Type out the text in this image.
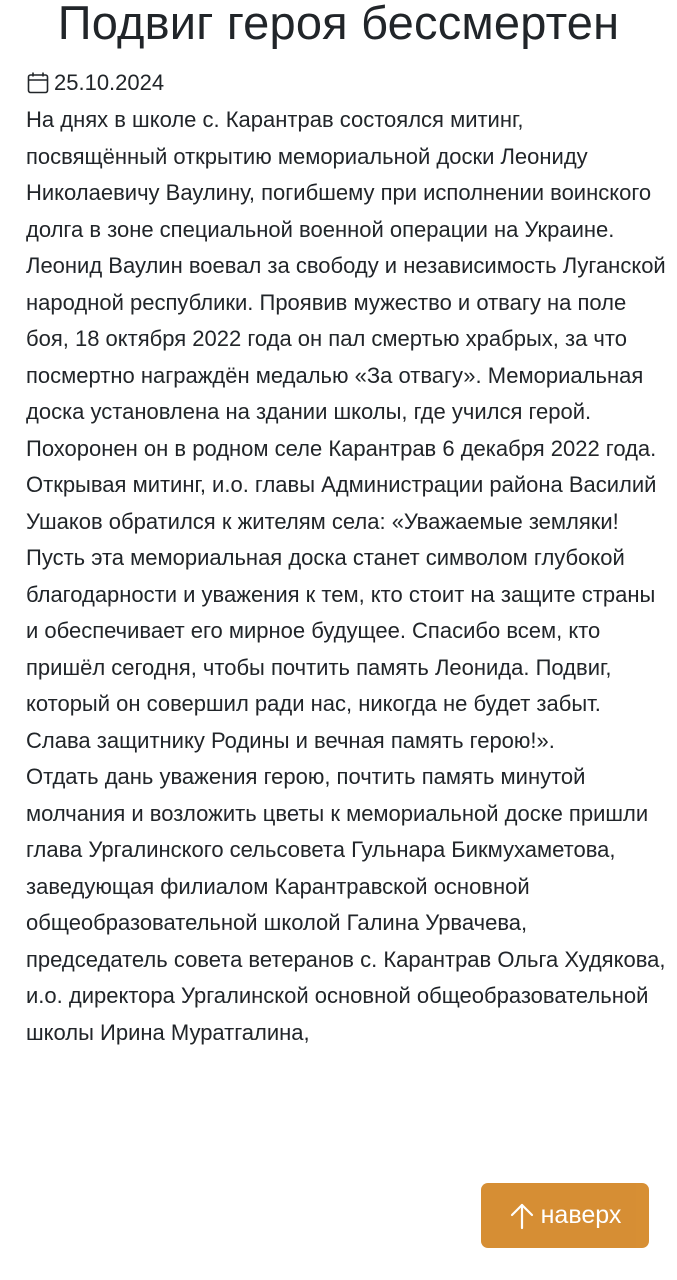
Подвиг героя бессмертен
25.10.2024

На днях в школе с. Карантрав состоялся митинг, посвящённый открытию мемориальной доски Леониду Николаевичу Ваулину, погибшему при исполнении воинского долга в зоне специальной военной операции на Украине.

Леонид Ваулин воевал за свободу и независимость Луганской народной республики. Проявив мужество и отвагу на поле боя, 18 октября 2022 года он пал смертью храбрых, за что посмертно награждён медалью «За отвагу». Мемориальная доска установлена на здании школы, где учился герой. Похоронен он в родном селе Карантрав 6 декабря 2022 года.

Открывая митинг, и.о. главы Администрации района Василий Ушаков обратился к жителям села: «Уважаемые земляки! Пусть эта мемориальная доска станет символом глубокой благодарности и уважения к тем, кто стоит на защите страны и обеспечивает его мирное будущее. Спасибо всем, кто пришёл сегодня, чтобы почтить память Леонида. Подвиг, который он совершил ради нас, никогда не будет забыт. Слава защитнику Родины и вечная память герою!».

Отдать дань уважения герою, почтить память минутой молчания и возложить цветы к мемориальной доске пришли глава Ургалинского сельсовета Гульнара Бикмухаметова, заведующая филиалом Карантравской основной общеобразовательной школой Галина Урвачева, председатель совета ветеранов с. Карантрав Ольга Худякова, и.о. директора Ургалинской основной общеобразовательной школы Ирина Муратгалина,

наверх
